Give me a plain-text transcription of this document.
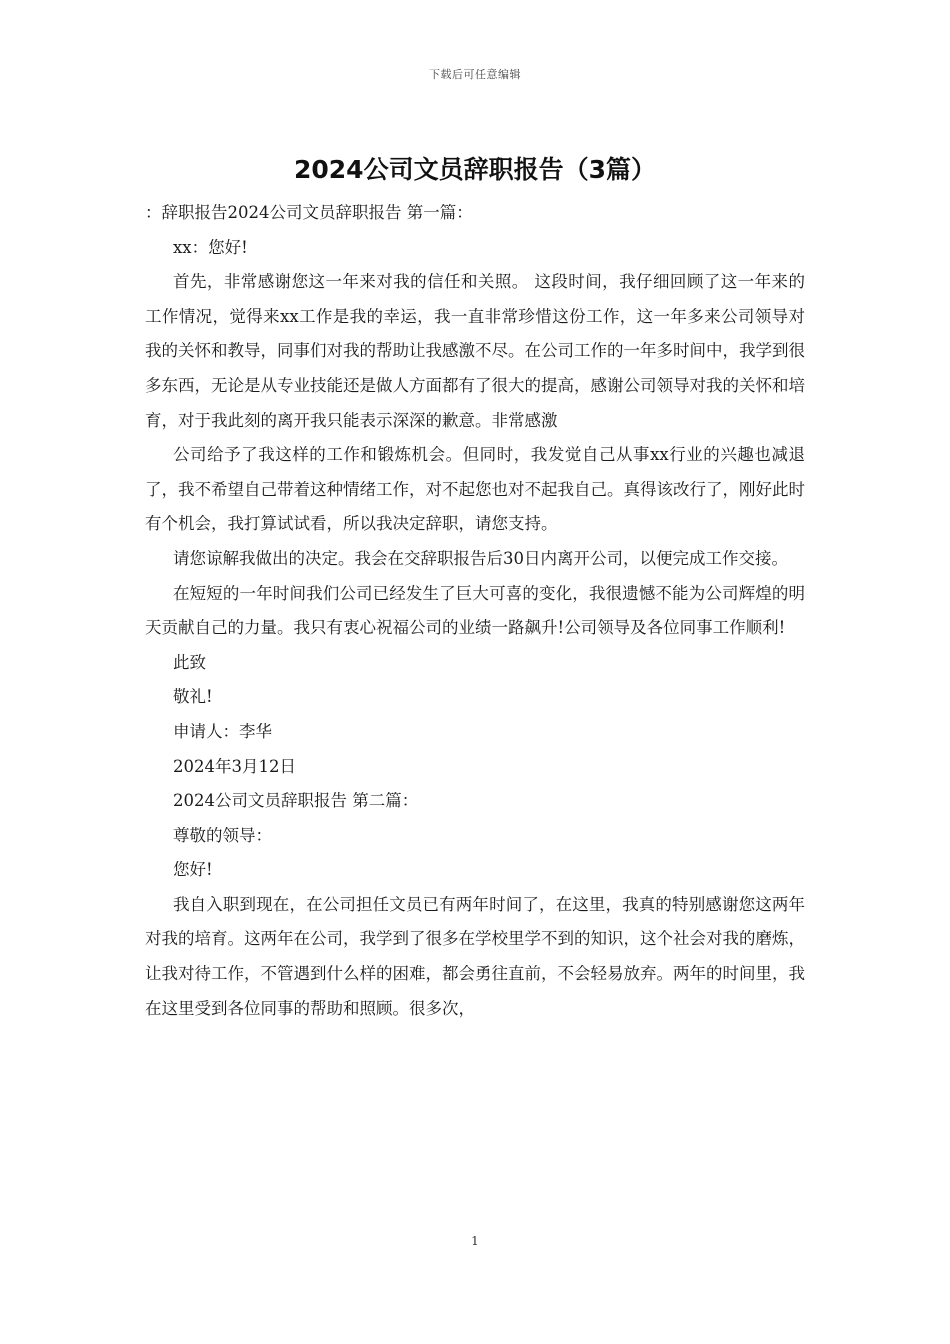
下载后可任意编辑
2024公司文员辞职报告（3篇）

：辞职报告2024公司文员辞职报告 第一篇：

xx：您好!

首先，非常感谢您这一年来对我的信任和关照。 这段时间，我仔细回顾了这一年来的工作情况，觉得来xx工作是我的幸运，我一直非常珍惜这份工作，这一年多来公司领导对我的关怀和教导，同事们对我的帮助让我感激不尽。在公司工作的一年多时间中，我学到很多东西，无论是从专业技能还是做人方面都有了很大的提高，感谢公司领导对我的关怀和培育，对于我此刻的离开我只能表示深深的歉意。非常感激

公司给予了我这样的工作和锻炼机会。但同时，我发觉自己从事xx行业的兴趣也减退了，我不希望自己带着这种情绪工作，对不起您也对不起我自己。真得该改行了，刚好此时有个机会，我打算试试看，所以我决定辞职，请您支持。

请您谅解我做出的决定。我会在交辞职报告后30日内离开公司，以便完成工作交接。

在短短的一年时间我们公司已经发生了巨大可喜的变化，我很遗憾不能为公司辉煌的明天贡献自己的力量。我只有衷心祝福公司的业绩一路飙升!公司领导及各位同事工作顺利!

此致

敬礼!

申请人：李华

2024年3月12日

2024公司文员辞职报告 第二篇：

尊敬的领导：

您好!

我自入职到现在，在公司担任文员已有两年时间了，在这里，我真的特别感谢您这两年对我的培育。这两年在公司，我学到了很多在学校里学不到的知识，这个社会对我的磨炼，让我对待工作，不管遇到什么样的困难，都会勇往直前，不会轻易放弃。两年的时间里，我在这里受到各位同事的帮助和照顾。很多次，

1
